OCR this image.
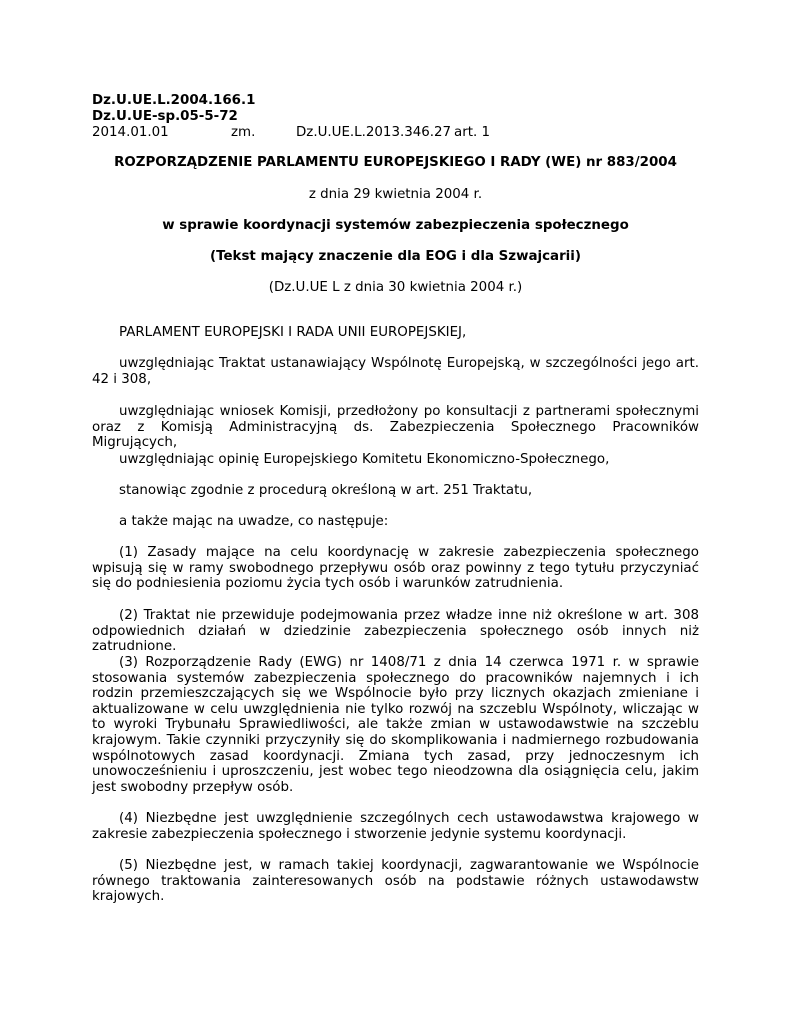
Dz.U.UE.L.2004.166.1
Dz.U.UE-sp.05-5-72
2014.01.01	zm.	Dz.U.UE.L.2013.346.27 art. 1
ROZPORZĄDZENIE PARLAMENTU EUROPEJSKIEGO I RADY (WE) nr 883/2004
z dnia 29 kwietnia 2004 r.
w sprawie koordynacji systemów zabezpieczenia społecznego
(Tekst mający znaczenie dla EOG i dla Szwajcarii)
(Dz.U.UE L z dnia 30 kwietnia 2004 r.)
PARLAMENT EUROPEJSKI I RADA UNII EUROPEJSKIEJ,
uwzględniając Traktat ustanawiający Wspólnotę Europejską, w szczególności jego art. 42 i 308,
uwzględniając wniosek Komisji, przedłożony po konsultacji z partnerami społecznymi oraz z Komisją Administracyjną ds. Zabezpieczenia Społecznego Pracowników Migrujących,
uwzględniając opinię Europejskiego Komitetu Ekonomiczno-Społecznego,
stanowiąc zgodnie z procedurą określoną w art. 251 Traktatu,
a także mając na uwadze, co następuje:
(1) Zasady mające na celu koordynację w zakresie zabezpieczenia społecznego wpisują się w ramy swobodnego przepływu osób oraz powinny z tego tytułu przyczyniać się do podniesienia poziomu życia tych osób i warunków zatrudnienia.
(2) Traktat nie przewiduje podejmowania przez władze inne niż określone w art. 308 odpowiednich działań w dziedzinie zabezpieczenia społecznego osób innych niż zatrudnione.
(3) Rozporządzenie Rady (EWG) nr 1408/71 z dnia 14 czerwca 1971 r. w sprawie stosowania systemów zabezpieczenia społecznego do pracowników najemnych i ich rodzin przemieszczających się we Wspólnocie było przy licznych okazjach zmieniane i aktualizowane w celu uwzględnienia nie tylko rozwój na szczeblu Wspólnoty, wliczając w to wyroki Trybunału Sprawiedliwości, ale także zmian w ustawodawstwie na szczeblu krajowym. Takie czynniki przyczyniły się do skomplikowania i nadmiernego rozbudowania wspólnotowych zasad koordynacji. Zmiana tych zasad, przy jednoczesnym ich unowocześnieniu i uproszczeniu, jest wobec tego nieodzowna dla osiągnięcia celu, jakim jest swobodny przepływ osób.
(4) Niezbędne jest uwzględnienie szczególnych cech ustawodawstwa krajowego w zakresie zabezpieczenia społecznego i stworzenie jedynie systemu koordynacji.
(5) Niezbędne jest, w ramach takiej koordynacji, zagwarantowanie we Wspólnocie równego traktowania zainteresowanych osób na podstawie różnych ustawodawstw krajowych.
